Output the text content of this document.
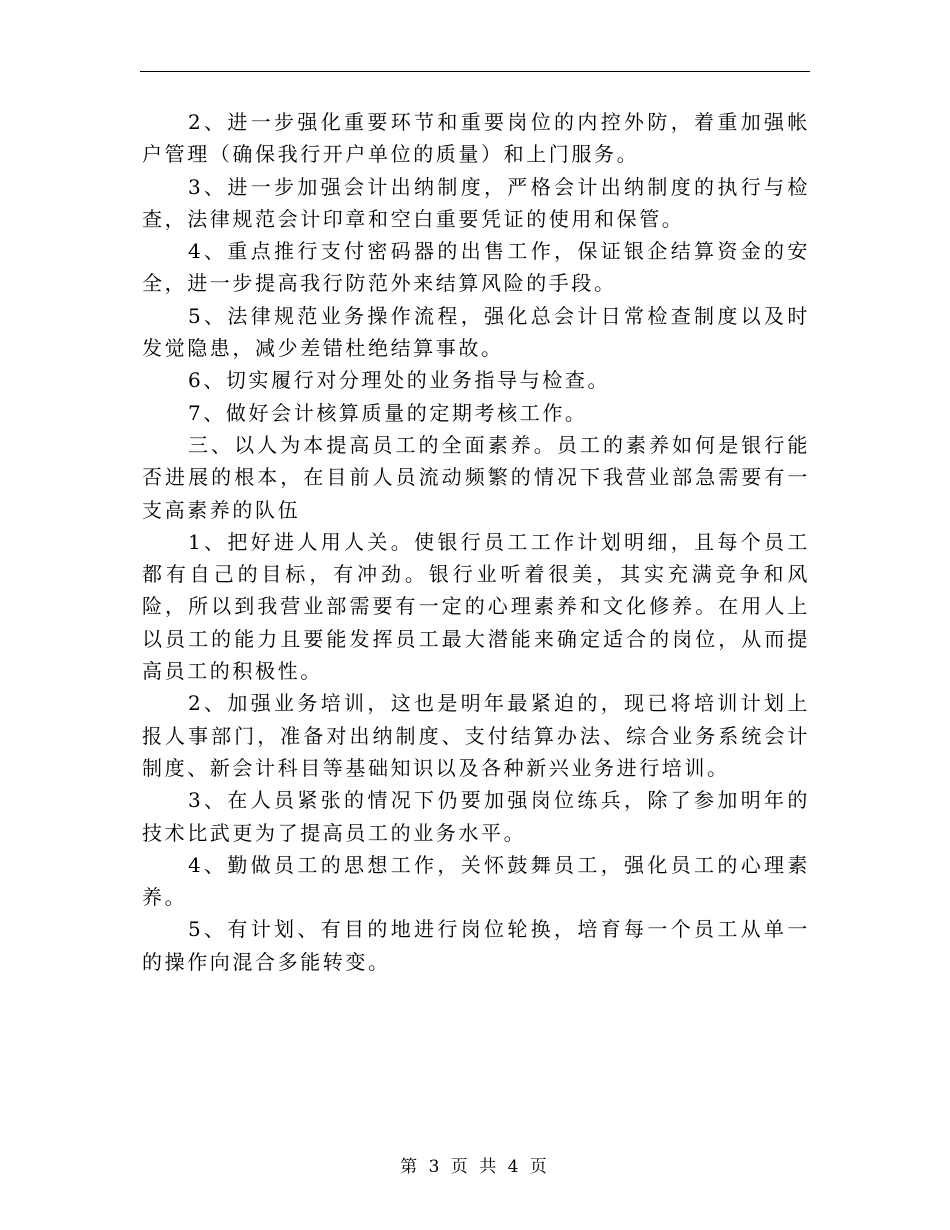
2、进一步强化重要环节和重要岗位的内控外防，着重加强帐户管理（确保我行开户单位的质量）和上门服务。

3、进一步加强会计出纳制度，严格会计出纳制度的执行与检查，法律规范会计印章和空白重要凭证的使用和保管。

4、重点推行支付密码器的出售工作，保证银企结算资金的安全，进一步提高我行防范外来结算风险的手段。

5、法律规范业务操作流程，强化总会计日常检查制度以及时发觉隐患，减少差错杜绝结算事故。

6、切实履行对分理处的业务指导与检查。

7、做好会计核算质量的定期考核工作。

三、以人为本提高员工的全面素养。员工的素养如何是银行能否进展的根本，在目前人员流动频繁的情况下我营业部急需要有一支高素养的队伍

1、把好进人用人关。使银行员工工作计划明细，且每个员工都有自己的目标，有冲劲。银行业听着很美，其实充满竞争和风险，所以到我营业部需要有一定的心理素养和文化修养。在用人上以员工的能力且要能发挥员工最大潜能来确定适合的岗位，从而提高员工的积极性。

2、加强业务培训，这也是明年最紧迫的，现已将培训计划上报人事部门，准备对出纳制度、支付结算办法、综合业务系统会计制度、新会计科目等基础知识以及各种新兴业务进行培训。

3、在人员紧张的情况下仍要加强岗位练兵，除了参加明年的技术比武更为了提高员工的业务水平。

4、勤做员工的思想工作，关怀鼓舞员工，强化员工的心理素养。

5、有计划、有目的地进行岗位轮换，培育每一个员工从单一的操作向混合多能转变。

第 3 页 共 4 页
